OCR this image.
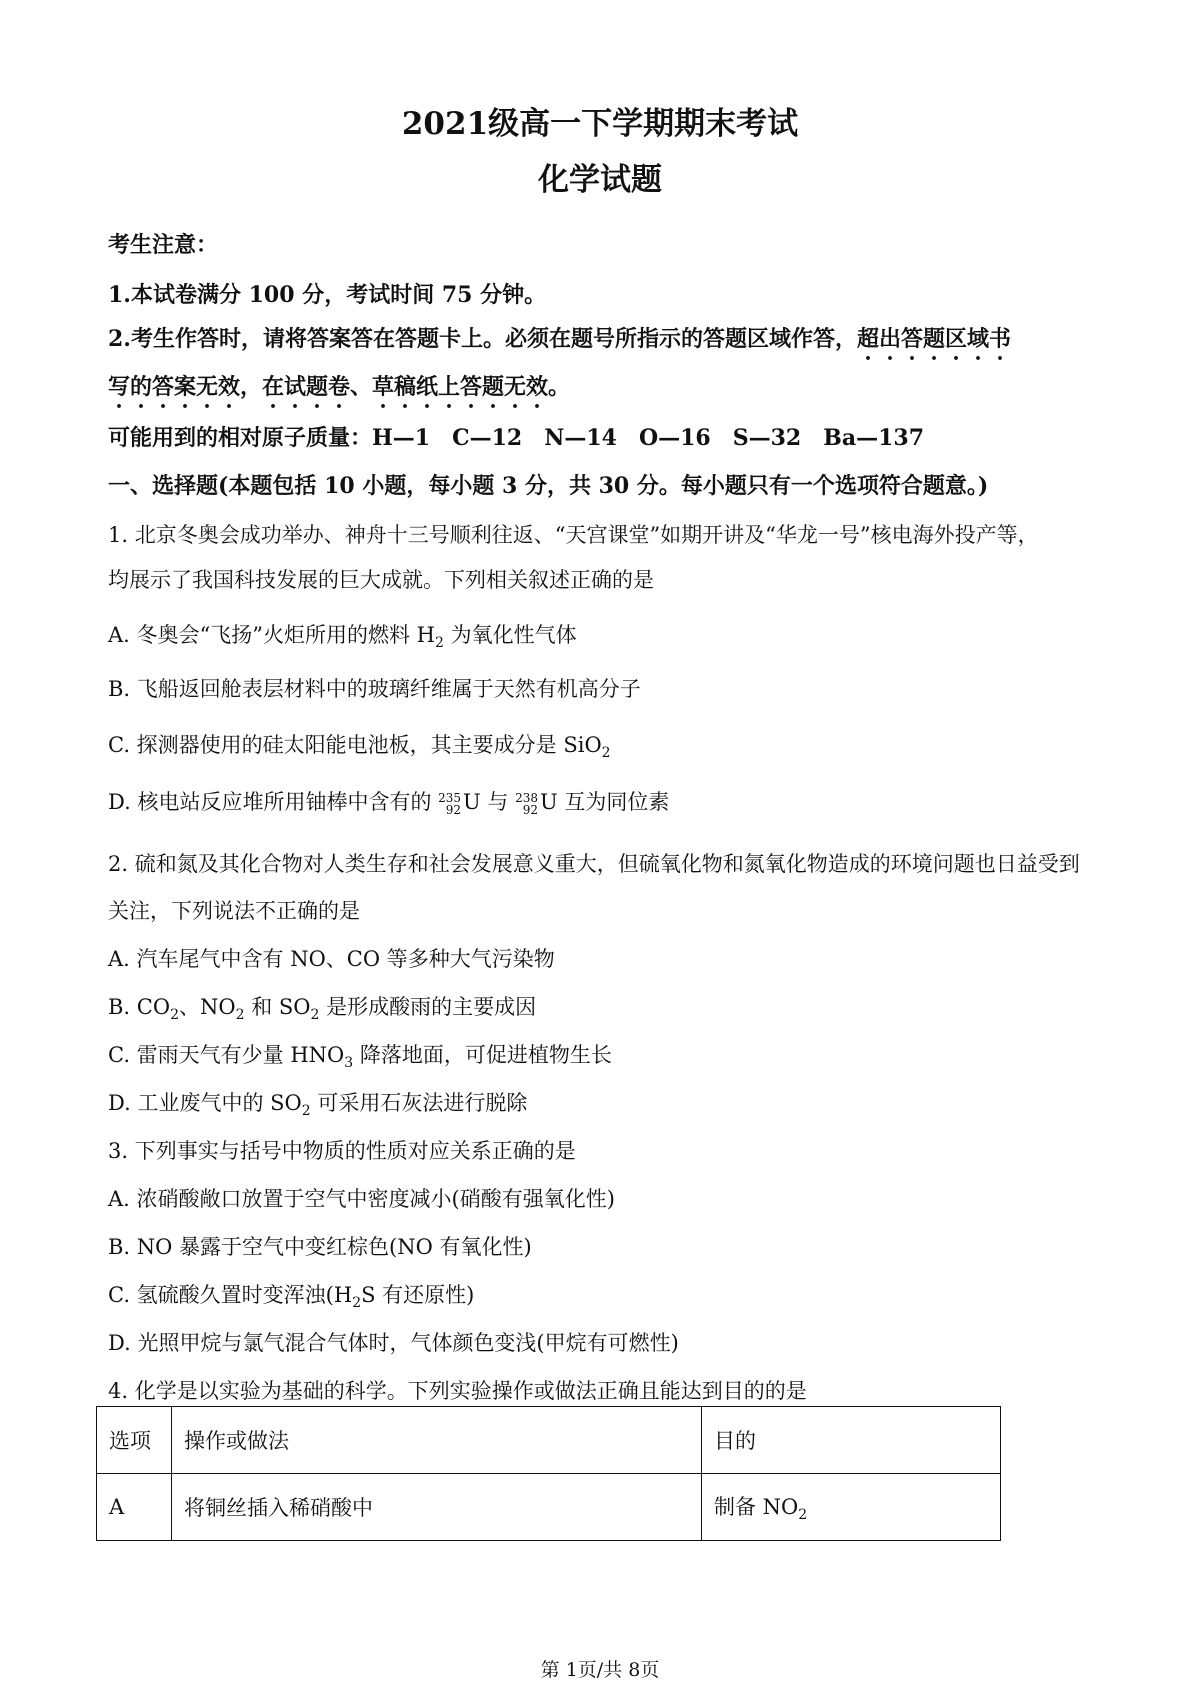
2021级高一下学期期末考试
化学试题
考生注意：
1.本试卷满分 100 分，考试时间 75 分钟。
2.考生作答时，请将答案答在答题卡上。必须在题号所指示的答题区域作答，超出答题区域书
写的答案无效，在试题卷、草稿纸上答题无效。
可能用到的相对原子质量：H—1　C—12　N—14　O—16　S—32　Ba—137
一、选择题(本题包括 10 小题，每小题 3 分，共 30 分。每小题只有一个选项符合题意。)
1. 北京冬奥会成功举办、神舟十三号顺利往返、“天宫课堂”如期开讲及“华龙一号”核电海外投产等，
均展示了我国科技发展的巨大成就。下列相关叙述正确的是
A. 冬奥会“飞扬”火炬所用的燃料 $H_2$ 为氧化性气体
B. 飞船返回舱表层材料中的玻璃纤维属于天然有机高分子
C. 探测器使用的硅太阳能电池板，其主要成分是 SiO$_2$
D. 核电站反应堆所用铀棒中含有的 235
92 U 与 238
92 U 互为同位素
2. 硫和氮及其化合物对人类生存和社会发展意义重大，但硫氧化物和氮氧化物造成的环境问题也日益受到
关注，下列说法不正确的是
A. 汽车尾气中含有 NO、CO 等多种大气污染物
B. $CO_2$、$NO_2$ 和 $SO_2$ 是形成酸雨的主要成因
C. 雷雨天气有少量 $HNO_3$ 降落地面，可促进植物生长
D. 工业废气中的 $SO_2$ 可采用石灰法进行脱除
3. 下列事实与括号中物质的性质对应关系正确的是
A. 浓硝酸敞口放置于空气中密度减小(硝酸有强氧化性)
B. NO 暴露于空气中变红棕色(NO 有氧化性)
C. 氢硫酸久置时变浑浊($H_2S$ 有还原性)
D. 光照甲烷与氯气混合气体时，气体颜色变浅(甲烷有可燃性)
4. 化学是以实验为基础的科学。下列实验操作或做法正确且能达到目的的是
选项	操作或做法	目的
A	将铜丝插入稀硝酸中	制备 $NO_2$
第 1页/共 8页
